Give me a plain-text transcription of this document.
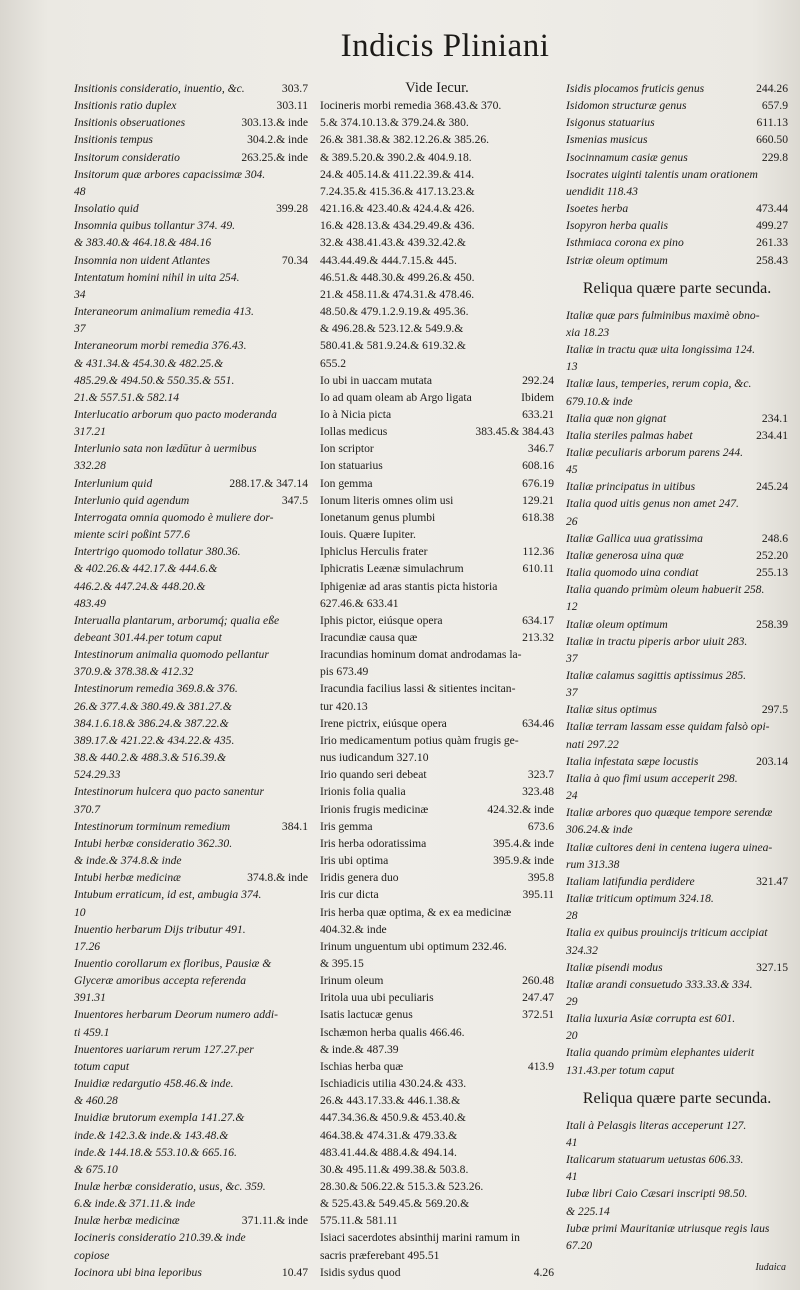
Indicis Pliniani
Insitionis consideratio, inuentio, &c.	303.7
Insitionis ratio duplex	303.11
Insitionis obseruationes	303.13.& inde
Insitionis tempus	304.2.& inde
Insitorum consideratio	263.25.& inde
Insitorum quæ arbores capacissimæ 304.
48
Insolatio quid	399.28
Insomnia quibus tollantur 374. 49.
& 383.40.& 464.18.& 484.16
Insomnia non uident Atlantes	70.34
Intentatum homini nihil in uita 254.
34
Interaneorum animalium remedia 413.
37
Interaneorum morbi remedia 376.43.
& 431.34.& 454.30.& 482.25.&
485.29.& 494.50.& 550.35.& 551.
21.& 557.51.& 582.14
Interlucatio arborum quo pacto moderanda
317.21
Interlunio sata non lædūtur à uermibus
332.28
Interlunium quid	288.17.& 347.14
Interlunio quid agendum	347.5
Interrogata omnia quomodo è muliere dor-
miente sciri poßint 577.6
Intertrigo quomodo tollatur 380.36.
& 402.26.& 442.17.& 444.6.&
446.2.& 447.24.& 448.20.&
483.49
Interualla plantarum, arborumq́; qualia eße
debeant 301.44.per totum caput
Intestinorum animalia quomodo pellantur
370.9.& 378.38.& 412.32
Intestinorum remedia 369.8.& 376.
26.& 377.4.& 380.49.& 381.27.&
384.1.6.18.& 386.24.& 387.22.&
389.17.& 421.22.& 434.22.& 435.
38.& 440.2.& 488.3.& 516.39.&
524.29.33
Intestinorum hulcera quo pacto sanentur
370.7
Intestinorum torminum remedium	384.1
Intubi herbæ consideratio 362.30.
& inde.& 374.8.& inde
Intubi herbæ medicinæ	374.8.& inde
Intubum erraticum, id est, ambugia 374.
10
Inuentio herbarum Dijs tributur 491.
17.26
Inuentio corollarum ex floribus, Pausiæ &
Glyceræ amoribus accepta referenda
391.31
Inuentores herbarum Deorum numero addi-
ti 459.1
Inuentores uariarum rerum 127.27.per
totum caput
Inuidiæ redargutio 458.46.& inde.
& 460.28
Inuidiæ brutorum exempla 141.27.&
inde.& 142.3.& inde.& 143.48.&
inde.& 144.18.& 553.10.& 665.16.
& 675.10
Inulæ herbæ consideratio, usus, &c. 359.
6.& inde.& 371.11.& inde
Inulæ herbæ medicinæ	371.11.& inde
Iocineris consideratio 210.39.& inde
copiose
Iocinora ubi bina leporibus	10.47

Vide Iecur.

Iocineris morbi remedia 368.43.& 370.
5.& 374.10.13.& 379.24.& 380.
26.& 381.38.& 382.12.26.& 385.26.
& 389.5.20.& 390.2.& 404.9.18.
24.& 405.14.& 411.22.39.& 414.
7.24.35.& 415.36.& 417.13.23.&
421.16.& 423.40.& 424.4.& 426.
16.& 428.13.& 434.29.49.& 436.
32.& 438.41.43.& 439.32.42.&
443.44.49.& 444.7.15.& 445.
46.51.& 448.30.& 499.26.& 450.
21.& 458.11.& 474.31.& 478.46.
48.50.& 479.1.2.9.19.& 495.36.
& 496.28.& 523.12.& 549.9.&
580.41.& 581.9.24.& 619.32.&
655.2
Io ubi in uaccam mutata	292.24
Io ad quam oleam ab Argo ligata	Ibidem
Io à Nicia picta	633.21
Iollas medicus	383.45.& 384.43
Ion scriptor	346.7
Ion statuarius	608.16
Ion gemma	676.19
Ionum literis omnes olim usi	129.21
Ionetanum genus plumbi	618.38
Iouis. Quære Iupiter.
Iphiclus Herculis frater	112.36
Iphicratis Leænæ simulachrum	610.11
Iphigeniæ ad aras stantis picta historia
627.46.& 633.41
Iphis pictor, eiúsque opera	634.17
Iracundiæ causa quæ	213.32
Iracundias hominum domat androdamas la-
pis 673.49
Iracundia facilius lassi & sitientes incitan-
tur 420.13
Irene pictrix, eiúsque opera	634.46
Irio medicamentum potius quàm frugis ge-
nus iudicandum 327.10
Irio quando seri debeat	323.7
Irionis folia qualia	323.48
Irionis frugis medicinæ	424.32.& inde
Iris gemma	673.6
Iris herba odoratissima	395.4.& inde
Iris ubi optima	395.9.& inde
Iridis genera duo	395.8
Iris cur dicta	395.11
Iris herba quæ optima, & ex ea medicinæ
404.32.& inde
Irinum unguentum ubi optimum 232.46.
& 395.15
Irinum oleum	260.48
Iritola uua ubi peculiaris	247.47
Isatis lactucæ genus	372.51
Ischæmon herba qualis 466.46.
& inde.& 487.39
Ischias herba quæ	413.9
Ischiadicis utilia 430.24.& 433.
26.& 443.17.33.& 446.1.38.&
447.34.36.& 450.9.& 453.40.&
464.38.& 474.31.& 479.33.&
483.41.44.& 488.4.& 494.14.
30.& 495.11.& 499.38.& 503.8.
28.30.& 506.22.& 515.3.& 523.26.
& 525.43.& 549.45.& 569.20.&
575.11.& 581.11
Isiaci sacerdotes absinthij marini ramum in
sacris præferebant 495.51
Isidis sydus quod	4.26
Isidis plocamos fruticis genus	244.26
Isidomon structuræ genus	657.9
Isigonus statuarius	611.13
Ismenias musicus	660.50
Isocinnamum casiæ genus	229.8
Isocrates uiginti talentis unam orationem
uendidit 118.43
Isoetes herba	473.44
Isopyron herba qualis	499.27
Isthmiaca corona ex pino	261.33
Istriæ oleum optimum	258.43
Reliqua quære parte secunda.
Italiæ quæ pars fulminibus maximè obno-
xia 18.23
Italiæ in tractu quæ uita longissima 124.
13
Italiæ laus, temperies, rerum copia, &c.
679.10.& inde
Italia quæ non gignat	234.1
Italia steriles palmas habet	234.41
Italiæ peculiaris arborum parens 244.
45
Italiæ principatus in uitibus	245.24
Italia quod uitis genus non amet 247.
26
Italiæ Gallica uua gratissima	248.6
Italiæ generosa uina quæ	252.20
Italia quomodo uina condiat	255.13
Italia quando primùm oleum habuerit 258.
12
Italiæ oleum optimum	258.39
Italiæ in tractu piperis arbor uiuit 283.
37
Italiæ calamus sagittis aptissimus 285.
37
Italiæ situs optimus	297.5
Italiæ terram lassam esse quidam falsò opi-
nati 297.22
Italia infestata sæpe locustis	203.14
Italia à quo fimi usum acceperit 298.
24
Italiæ arbores quo quæque tempore serendæ
306.24.& inde
Italiæ cultores deni in centena iugera uinea-
rum 313.38
Italiam latifundia perdidere	321.47
Italiæ triticum optimum 324.18.
28
Italia ex quibus prouincijs triticum accipiat
324.32
Italiæ pisendi modus	327.15
Italiæ arandi consuetudo 333.33.& 334.
29
Italia luxuria Asiæ corrupta est 601.
20
Italia quando primùm elephantes uiderit
131.43.per totum caput
Reliqua quære parte secunda.
Itali à Pelasgis literas acceperunt 127.
41
Italicarum statuarum uetustas 606.33.
41
Iubæ libri Caio Cæsari inscripti 98.50.
& 225.14
Iubæ primi Mauritaniæ utriusque regis laus
67.20
Iudaica
